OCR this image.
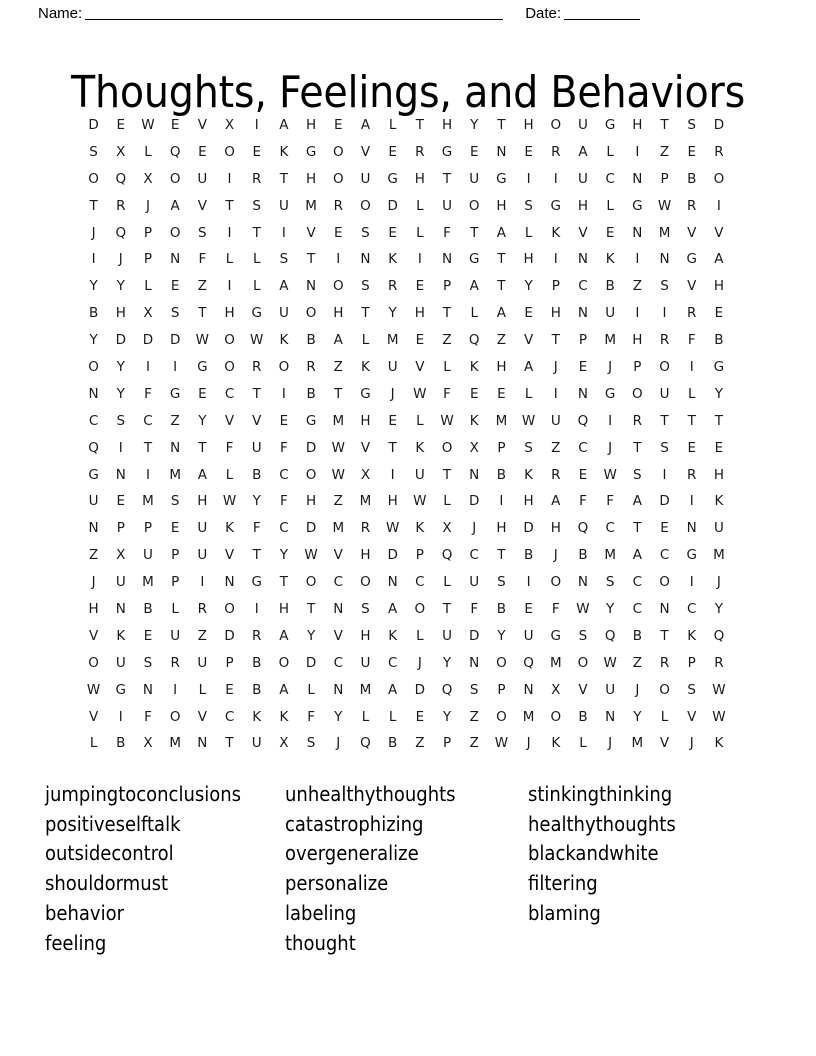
Name:	Date:
Thoughts, Feelings, and Behaviors
D	E	W	E	V	X	I	A	H	E	A	L	T	H	Y	T	H	O	U	G	H	T	S	D
S	X	L	Q	E	O	E	K	G	O	V	E	R	G	E	N	E	R	A	L	I	Z	E	R
O	Q	X	O	U	I	R	T	H	O	U	G	H	T	U	G	I	I	U	C	N	P	B	O
T	R	J	A	V	T	S	U	M	R	O	D	L	U	O	H	S	G	H	L	G	W	R	I
J	Q	P	O	S	I	T	I	V	E	S	E	L	F	T	A	L	K	V	E	N	M	V	V
I	J	P	N	F	L	L	S	T	I	N	K	I	N	G	T	H	I	N	K	I	N	G	A
Y	Y	L	E	Z	I	L	A	N	O	S	R	E	P	A	T	Y	P	C	B	Z	S	V	H
B	H	X	S	T	H	G	U	O	H	T	Y	H	T	L	A	E	H	N	U	I	I	R	E
Y	D	D	D	W	O	W	K	B	A	L	M	E	Z	Q	Z	V	T	P	M	H	R	F	B
O	Y	I	I	G	O	R	O	R	Z	K	U	V	L	K	H	A	J	E	J	P	O	I	G
N	Y	F	G	E	C	T	I	B	T	G	J	W	F	E	E	L	I	N	G	O	U	L	Y
C	S	C	Z	Y	V	V	E	G	M	H	E	L	W	K	M	W	U	Q	I	R	T	T	T
Q	I	T	N	T	F	U	F	D	W	V	T	K	O	X	P	S	Z	C	J	T	S	E	E
G	N	I	M	A	L	B	C	O	W	X	I	U	T	N	B	K	R	E	W	S	I	R	H
U	E	M	S	H	W	Y	F	H	Z	M	H	W	L	D	I	H	A	F	F	A	D	I	K
N	P	P	E	U	K	F	C	D	M	R	W	K	X	J	H	D	H	Q	C	T	E	N	U
Z	X	U	P	U	V	T	Y	W	V	H	D	P	Q	C	T	B	J	B	M	A	C	G	M
J	U	M	P	I	N	G	T	O	C	O	N	C	L	U	S	I	O	N	S	C	O	I	J
H	N	B	L	R	O	I	H	T	N	S	A	O	T	F	B	E	F	W	Y	C	N	C	Y
V	K	E	U	Z	D	R	A	Y	V	H	K	L	U	D	Y	U	G	S	Q	B	T	K	Q
O	U	S	R	U	P	B	O	D	C	U	C	J	Y	N	O	Q	M	O	W	Z	R	P	R
W	G	N	I	L	E	B	A	L	N	M	A	D	Q	S	P	N	X	V	U	J	O	S	W
V	I	F	O	V	C	K	K	F	Y	L	L	E	Y	Z	O	M	O	B	N	Y	L	V	W
L	B	X	M	N	T	U	X	S	J	Q	B	Z	P	Z	W	J	K	L	J	M	V	J	K
jumpingtoconclusions
positiveselftalk
outsidecontrol
shouldormust
behavior
feeling
unhealthythoughts
catastrophizing
overgeneralize
personalize
labeling
thought
stinkingthinking
healthythoughts
blackandwhite
filtering
blaming
